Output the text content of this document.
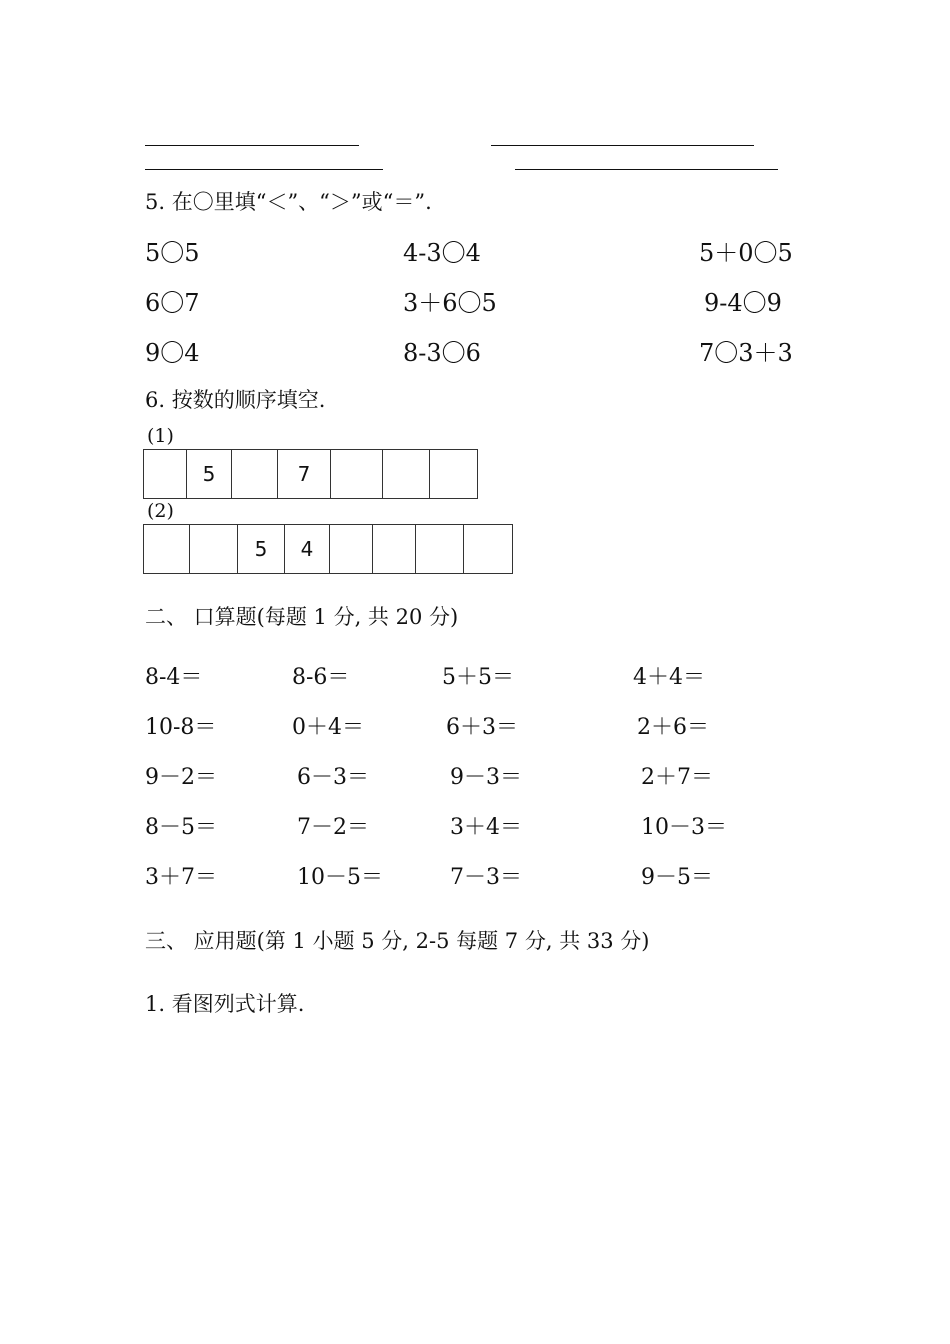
5. 在〇里填“＜”、“＞”或“＝”.
5〇5	4-3〇4	5＋0〇5
6〇7	3＋6〇5	9-4〇9
9〇4	8-3〇6	7〇3＋3
6. 按数的顺序填空.
(1)
	5		7			
(2)
		5	4				
二、 口算题(每题 1 分, 共 20 分)
8-4＝	8-6＝	5＋5＝	4＋4＝
10-8＝	0＋4＝	6＋3＝	2＋6＝
9－2＝	6－3＝	9－3＝	2＋7＝
8－5＝	7－2＝	3＋4＝	10－3＝
3＋7＝	10－5＝	7－3＝	9－5＝
三、 应用题(第 1 小题 5 分, 2-5 每题 7 分, 共 33 分)
1. 看图列式计算.
